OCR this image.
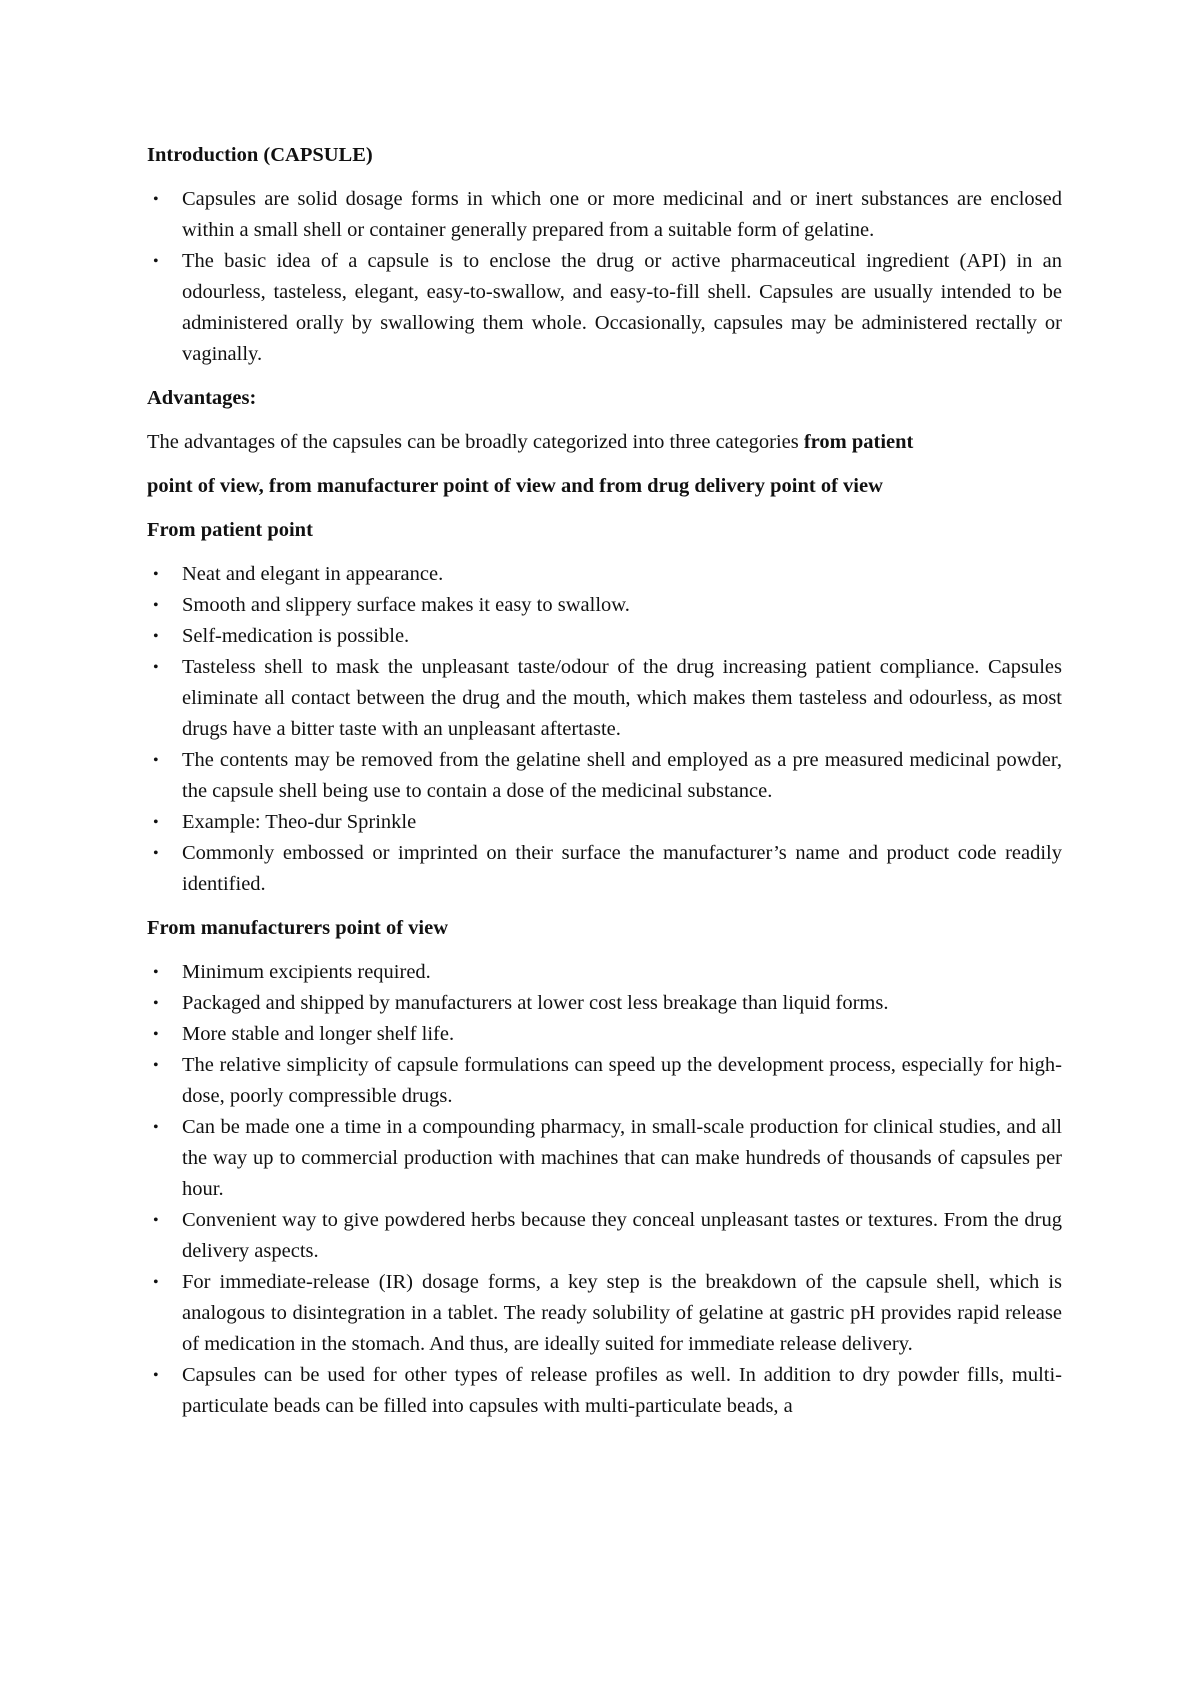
Introduction (CAPSULE)
• Capsules are solid dosage forms in which one or more medicinal and or inert substances are enclosed within a small shell or container generally prepared from a suitable form of gelatine.
• The basic idea of a capsule is to enclose the drug or active pharmaceutical ingredient (API) in an odourless, tasteless, elegant, easy-to-swallow, and easy-to-fill shell. Capsules are usually intended to be administered orally by swallowing them whole. Occasionally, capsules may be administered rectally or vaginally.
Advantages:
The advantages of the capsules can be broadly categorized into three categories from patient
point of view, from manufacturer point of view and from drug delivery point of view
From patient point
• Neat and elegant in appearance.
• Smooth and slippery surface makes it easy to swallow.
• Self-medication is possible.
• Tasteless shell to mask the unpleasant taste/odour of the drug increasing patient compliance. Capsules eliminate all contact between the drug and the mouth, which makes them tasteless and odourless, as most drugs have a bitter taste with an unpleasant aftertaste.
• The contents may be removed from the gelatine shell and employed as a pre measured medicinal powder, the capsule shell being use to contain a dose of the medicinal substance.
• Example: Theo-dur Sprinkle
• Commonly embossed or imprinted on their surface the manufacturer’s name and product code readily identified.
From manufacturers point of view
• Minimum excipients required.
• Packaged and shipped by manufacturers at lower cost less breakage than liquid forms.
• More stable and longer shelf life.
• The relative simplicity of capsule formulations can speed up the development process, especially for high-dose, poorly compressible drugs.
• Can be made one a time in a compounding pharmacy, in small-scale production for clinical studies, and all the way up to commercial production with machines that can make hundreds of thousands of capsules per hour.
• Convenient way to give powdered herbs because they conceal unpleasant tastes or textures. From the drug delivery aspects.
• For immediate-release (IR) dosage forms, a key step is the breakdown of the capsule shell, which is analogous to disintegration in a tablet. The ready solubility of gelatine at gastric pH provides rapid release of medication in the stomach. And thus, are ideally suited for immediate release delivery.
• Capsules can be used for other types of release profiles as well. In addition to dry powder fills, multi-particulate beads can be filled into capsules with multi-particulate beads, a
